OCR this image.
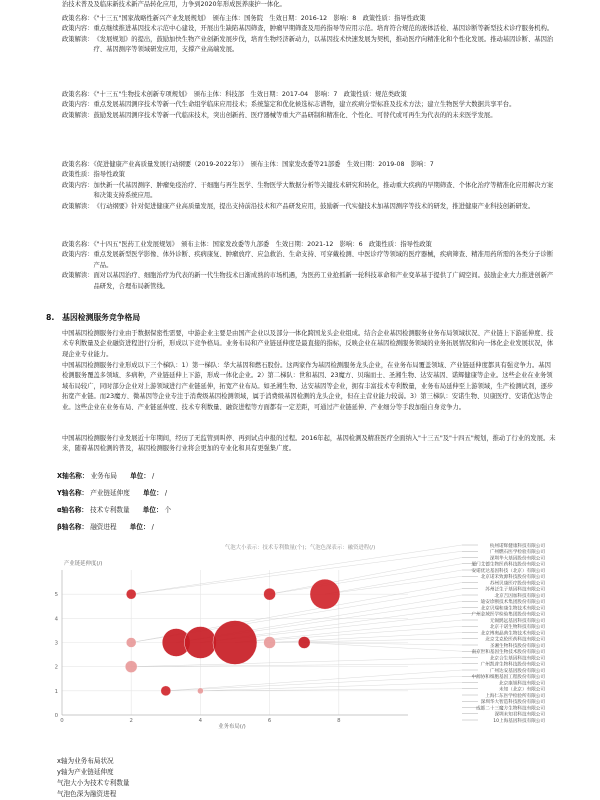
治技术普及及临床新技术新产品转化应用，力争到2020年形成医养康护一体化。

政策名称：《"十三五"国家战略性新兴产业发展规划》　颁布主体：国务院　生效日期：2016-12　影响：8　政策性质：指导性政策
政策内容： 重点继续推进基因技术示范中心建设，开展出生缺陷基因筛查，肿瘤早期筛查及用药指导等应用示范。培育符合规范的液体活检、基因诊断等新型技术诊疗服务机构。
政策解读： 《发展规划》的提出，鼓励加快生物产业创新发展步伐，培育生物经济新动力，以基因技术快速发展为契机，推动医疗向精准化和个性化发展。推动基因诊断、基因治疗、基因测序等领域研发应用，支撑产业高端发展。
政策名称：《"十三五"生物技术创新专项规划》　颁布主体：科技部　生效日期：2017-04　影响：7　政策性质：规范类政策
政策内容： 重点发展基因测序技术等新一代生命组学临床应用技术；系统鉴定和优化候选标志谱物，建立疾病分型标准及技术方法；建立生物医学大数据共享平台。
政策解读： 鼓励发展基因测序技术等新一代临床技术，突出创新药、医疗器械等重大产品研制和精准化、个性化、可替代或可再生为代表的的未来医学发展。
政策名称：《促进健康产业高质量发展行动纲要（2019-2022年）》　颁布主体：国家发改委等21部委　生效日期：2019-08　影响：7
政策性质： 指导性政策
政策内容： 加快新一代基因测序、肿瘤免疫治疗、干细胞与再生医学、生物医学大数据分析等关键技术研究和转化，推动重大疾病的早期筛查、个体化治疗等精准化应用解决方案和决策支持系统应用。
政策解读： 《行动纲要》针对促进健康产业高质量发展，提出支持前沿技术和产品研发应用，鼓励新一代实健技术加基因测序等技术的研发，推进健康产业科技创新研发。
政策名称：《"十四五"医药工业发展规划》　颁布主体：国家发改委等九部委　生效日期：2021-12　影响：6　政策性质：指导性政策
政策内容： 重点发展新型医学影像、体外诊断、疾病康复、肿瘤放疗、应急救治、生命支持、可穿戴检测、中医诊疗等领域的医疗器械，疾病筛查、精准用药所需的各类分子诊断产品。
政策解读： 面对以基因治疗、细胞治疗为代表的新一代生物技术日渐成熟的市场机遇，为医药工业抢抓新一轮科技革命和产业变革基于提供了广阔空间。鼓励企业大力推进创新产品研发，合理布局新管线。
8.　基因检测服务竞争格局

中国基因检测服务行业由于数据保密性需要，中游企业主要是由国产企业以及部分一体化跨国龙头企业组成。结合企业基因检测服务业务布局领域状况、产业链上下游延伸度、技术专利数量及企业融资进程进行分析，形成以下竞争格局。业务布局和产业链延伸度是最直接的指标，反映企业在基因检测服务领域的业务拓展情况和向一体化企业发展状况，体现企业专业能力。

中国基因检测服务行业形成以下三个梯队：1）第一梯队：华大基因和燃石股份。这两家作为基因检测服务龙头企业，在业务布局覆盖领域、产业链延伸度都具有强竞争力。基因检测服务覆盖多领域、多病种，产业链延伸上下游，形成一体化企业。2）第二梯队：世和基因、23魔方、贝瑞而士、圣湘生物、达安基因、诺辉健康等企业。这些企业在业务领域布局较广，同时部分企业对上游领域进行产业链延伸，拓宽产业布局。如圣湘生物、达安基因等企业，拥有丰富技术专利数量，业务布局延伸至上游领域，生产检测试剂，逐步拓宽产业链。而23魔方、微基因等企业专注于消费级基因检测领域，属于消费级基因检测的龙头企业，但在主营业能力较弱。3）第三梯队：安诺生物、贝康医疗、安诺优达等企业。这些企业在业务布局、产业链延伸度、技术专利数量、融资进程等方面都有一定差距，可通过产业链延伸、产业细分等手段加强自身竞争力。

中国基因检测服务行业发展近十年期间，经历了无监管到叫停、再到试点申报的过程。2016年起，基因检测及精准医疗全面纳入"十三五"及"十四五"规划，推动了行业的发展。未来，随着基因检测的普及，基因检测服务行业将会更加的专业化和具有更强集广度。

X轴名称： 业务布局　　 单位： /
Y轴名称： 产业链延伸度　　 单位： /
α轴名称： 技术专利数量　　 单位： 个
β轴名称： 融资进程　　 单位： /
气泡大小表示：技术专利数量(个)；气泡色深表示：融资进程(/)
产业链延伸度(/)
业务布局(/)
0	2	4	6	8
0
1
2
3
4
5
杭州诺辉健康科技有限公司
广州燃石医学检验有限公司
深圳华大基因股份有限公司
厦门艾德生物医药科技股份有限公司
安诺优达基因科技（北京）有限公司
北京诺禾致源科技股份有限公司
苏州贝康医疗股份有限公司
苏州泛生子基因科技有限公司
北京吉因加科技有限公司
迪安诊断技术集团股份有限公司
北京贝瑞和康生物技术有限公司
广州金域医学检验集团股份有限公司
无锡鹍远基因科技有限公司
北京干诺生物科技有限公司
北京博奥晶典生物技术有限公司
北京艾克伦医药科技有限公司
圣湘生物科技股份有限公司
南京世和基因生物技术股份有限公司
北京合生基因科技有限公司
广州凯普生物科技股份有限公司
广州达安基因股份有限公司
中源协和细胞基因工程股份有限公司
北京康旭科技有限公司
未知（北京）有限公司
上海仁东医学检验所有限公司
深圳华大智造科技股份有限公司
成都二十三魔方生物科技有限公司
深圳未知君科技有限公司
10上海基因科技有限公司
x轴为业务布局状况
y轴为产业链延伸度
气泡大小为技术专利数量
气泡色深为融资进程
